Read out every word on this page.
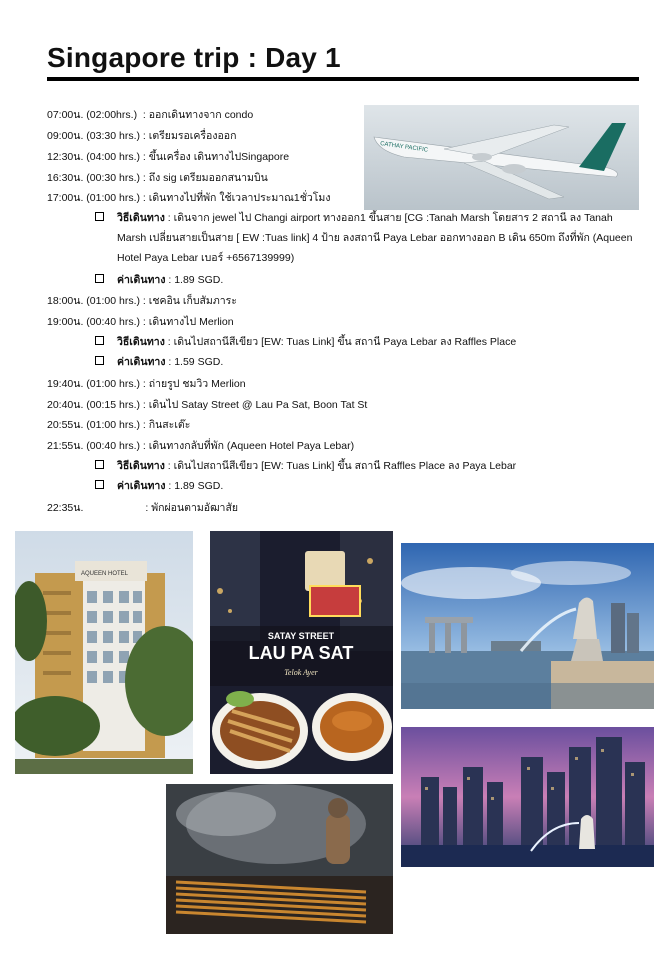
Singapore trip : Day 1
07:00น. (02:00hrs.) : ออกเดินทางจาก condo
09:00น. (03:30 hrs.) : เตรียมรอเครื่องออก
12:30น. (04:00 hrs.) : ขึ้นเครื่อง เดินทางไปSingapore
16:30น. (00:30 hrs.) : ถึง sig เตรียมออกสนามบิน
17:00น. (01:00 hrs.) : เดินทางไปที่พัก ใช้เวลาประมาณ1ชั่วโมง
วิธีเดินทาง : เดินจาก jewel ไป Changi airport ทางออก1 ขึ้นสาย [CG :Tanah Marsh โดยสาร 2 สถานี ลง Tanah Marsh เปลี่ยนสายเป็นสาย [ EW :Tuas link] 4 ป้าย ลงสถานี Paya Lebar ออกทางออก B เดิน 650m ถึงที่พัก (Aqueen Hotel Paya Lebar เบอร์ +6567139999)
ค่าเดินทาง : 1.89 SGD.
18:00น. (01:00 hrs.) : เชคอิน เก็บสัมภาระ
19:00น. (00:40 hrs.) : เดินทางไป Merlion
วิธีเดินทาง : เดินไปสถานีสีเขียว [EW: Tuas Link] ขึ้น สถานี Paya Lebar ลง Raffles Place
ค่าเดินทาง : 1.59 SGD.
19:40น. (01:00 hrs.) : ถ่ายรูป ชมวิว Merlion
20:40น. (00:15 hrs.) : เดินไป Satay Street @ Lau Pa Sat, Boon Tat St
20:55น. (01:00 hrs.) : กินสะเต๊ะ
21:55น. (00:40 hrs.) : เดินทางกลับที่พัก (Aqueen Hotel Paya Lebar)
วิธีเดินทาง : เดินไปสถานีสีเขียว [EW: Tuas Link] ขึ้น สถานี Raffles Place ลง Paya Lebar
ค่าเดินทาง : 1.89 SGD.
22:35น.	: พักผ่อนตามอัฒาสัย
CATHAY PACIFIC
AQUEEN HOTEL
SATAY STREET
LAU PA SAT
Telok Ayer
